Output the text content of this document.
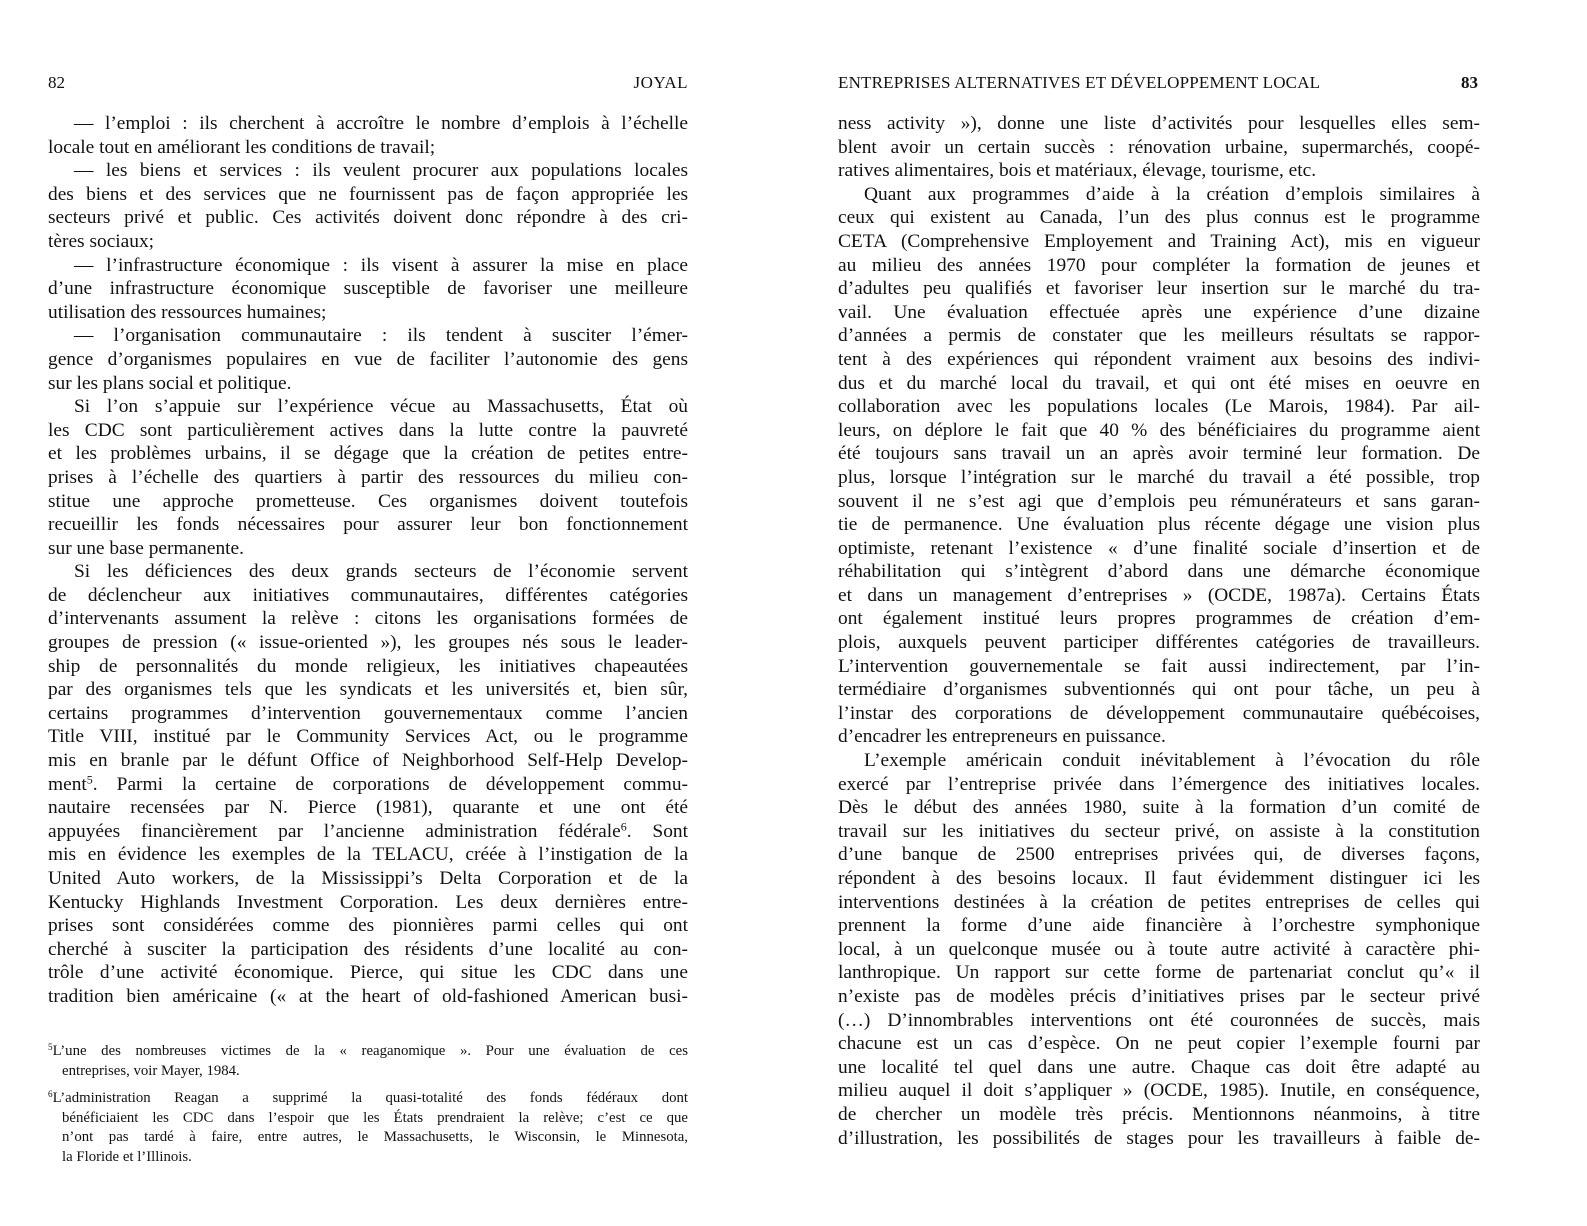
82	JOYAL
— l’emploi : ils cherchent à accroître le nombre d’emplois à l’échelle
locale tout en améliorant les conditions de travail;
— les biens et services : ils veulent procurer aux populations locales
des biens et des services que ne fournissent pas de façon appropriée les
secteurs privé et public. Ces activités doivent donc répondre à des cri-
tères sociaux;
— l’infrastructure économique : ils visent à assurer la mise en place
d’une infrastructure économique susceptible de favoriser une meilleure
utilisation des ressources humaines;
— l’organisation communautaire : ils tendent à susciter l’émer-
gence d’organismes populaires en vue de faciliter l’autonomie des gens
sur les plans social et politique.
Si l’on s’appuie sur l’expérience vécue au Massachusetts, État où
les CDC sont particulièrement actives dans la lutte contre la pauvreté
et les problèmes urbains, il se dégage que la création de petites entre-
prises à l’échelle des quartiers à partir des ressources du milieu con-
stitue une approche prometteuse. Ces organismes doivent toutefois
recueillir les fonds nécessaires pour assurer leur bon fonctionnement
sur une base permanente.
Si les déficiences des deux grands secteurs de l’économie servent
de déclencheur aux initiatives communautaires, différentes catégories
d’intervenants assument la relève : citons les organisations formées de
groupes de pression (« issue-oriented »), les groupes nés sous le leader-
ship de personnalités du monde religieux, les initiatives chapeautées
par des organismes tels que les syndicats et les universités et, bien sûr,
certains programmes d’intervention gouvernementaux comme l’ancien
Title VIII, institué par le Community Services Act, ou le programme
mis en branle par le défunt Office of Neighborhood Self-Help Develop-
ment$^5$. Parmi la certaine de corporations de développement commu-
nautaire recensées par N. Pierce (1981), quarante et une ont été
appuyées financièrement par l’ancienne administration fédérale$^6$. Sont
mis en évidence les exemples de la TELACU, créée à l’instigation de la
United Auto workers, de la Mississippi’s Delta Corporation et de la
Kentucky Highlands Investment Corporation. Les deux dernières entre-
prises sont considérées comme des pionnières parmi celles qui ont
cherché à susciter la participation des résidents d’une localité au con-
trôle d’une activité économique. Pierce, qui situe les CDC dans une
tradition bien américaine (« at the heart of old-fashioned American busi-
$^5$L’une des nombreuses victimes de la « reaganomique ». Pour une évaluation de ces
entreprises, voir Mayer, 1984.
$^6$L’administration Reagan a supprimé la quasi-totalité des fonds fédéraux dont
bénéficiaient les CDC dans l’espoir que les États prendraient la relève; c’est ce que
n’ont pas tardé à faire, entre autres, le Massachusetts, le Wisconsin, le Minnesota,
la Floride et l’Illinois.
ENTREPRISES ALTERNATIVES ET DÉVELOPPEMENT LOCAL	83
ness activity »), donne une liste d’activités pour lesquelles elles sem-
blent avoir un certain succès : rénovation urbaine, supermarchés, coopé-
ratives alimentaires, bois et matériaux, élevage, tourisme, etc.
Quant aux programmes d’aide à la création d’emplois similaires à
ceux qui existent au Canada, l’un des plus connus est le programme
CETA (Comprehensive Employement and Training Act), mis en vigueur
au milieu des années 1970 pour compléter la formation de jeunes et
d’adultes peu qualifiés et favoriser leur insertion sur le marché du tra-
vail. Une évaluation effectuée après une expérience d’une dizaine
d’années a permis de constater que les meilleurs résultats se rappor-
tent à des expériences qui répondent vraiment aux besoins des indivi-
dus et du marché local du travail, et qui ont été mises en oeuvre en
collaboration avec les populations locales (Le Marois, 1984). Par ail-
leurs, on déplore le fait que 40 % des bénéficiaires du programme aient
été toujours sans travail un an après avoir terminé leur formation. De
plus, lorsque l’intégration sur le marché du travail a été possible, trop
souvent il ne s’est agi que d’emplois peu rémunérateurs et sans garan-
tie de permanence. Une évaluation plus récente dégage une vision plus
optimiste, retenant l’existence « d’une finalité sociale d’insertion et de
réhabilitation qui s’intègrent d’abord dans une démarche économique
et dans un management d’entreprises » (OCDE, 1987a). Certains États
ont également institué leurs propres programmes de création d’em-
plois, auxquels peuvent participer différentes catégories de travailleurs.
L’intervention gouvernementale se fait aussi indirectement, par l’in-
termédiaire d’organismes subventionnés qui ont pour tâche, un peu à
l’instar des corporations de développement communautaire québécoises,
d’encadrer les entrepreneurs en puissance.
L’exemple américain conduit inévitablement à l’évocation du rôle
exercé par l’entreprise privée dans l’émergence des initiatives locales.
Dès le début des années 1980, suite à la formation d’un comité de
travail sur les initiatives du secteur privé, on assiste à la constitution
d’une banque de 2500 entreprises privées qui, de diverses façons,
répondent à des besoins locaux. Il faut évidemment distinguer ici les
interventions destinées à la création de petites entreprises de celles qui
prennent la forme d’une aide financière à l’orchestre symphonique
local, à un quelconque musée ou à toute autre activité à caractère phi-
lanthropique. Un rapport sur cette forme de partenariat conclut qu’« il
n’existe pas de modèles précis d’initiatives prises par le secteur privé
(…) D’innombrables interventions ont été couronnées de succès, mais
chacune est un cas d’espèce. On ne peut copier l’exemple fourni par
une localité tel quel dans une autre. Chaque cas doit être adapté au
milieu auquel il doit s’appliquer » (OCDE, 1985). Inutile, en conséquence,
de chercher un modèle très précis. Mentionnons néanmoins, à titre
d’illustration, les possibilités de stages pour les travailleurs à faible de-
